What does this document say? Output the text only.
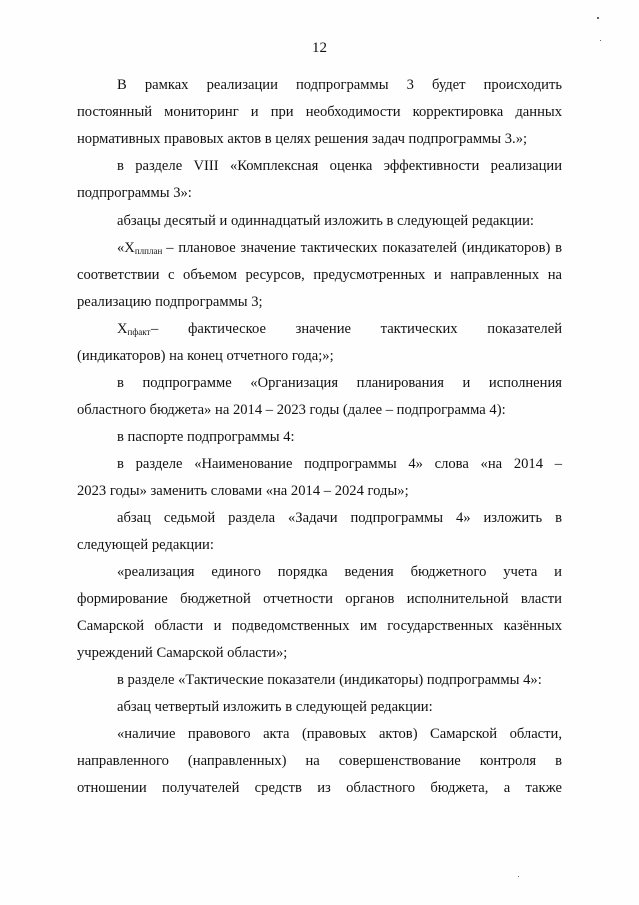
12
В рамках реализации подпрограммы 3 будет происходить
постоянный мониторинг и при необходимости корректировка данных
нормативных правовых актов в целях решения задач подпрограммы 3.»;
в разделе VIII «Комплексная оценка эффективности реализации
подпрограммы 3»:
абзацы десятый и одиннадцатый изложить в следующей редакции:
«$Х_{плплан}$ – плановое значение тактических показателей (индикаторов) в
соответствии с объемом ресурсов, предусмотренных и направленных на
реализацию подпрограммы 3;
$Х_{пфакт}$ – фактическое значение тактических показателей
(индикаторов) на конец отчетного года;»;
в подпрограмме «Организация планирования и исполнения
областного бюджета» на 2014 – 2023 годы (далее – подпрограмма 4):
в паспорте подпрограммы 4:
в разделе «Наименование подпрограммы 4» слова «на 2014 –
2023 годы» заменить словами «на 2014 – 2024 годы»;
абзац седьмой раздела «Задачи подпрограммы 4» изложить в
следующей редакции:
«реализация единого порядка ведения бюджетного учета и
формирование бюджетной отчетности органов исполнительной власти
Самарской области и подведомственных им государственных казённых
учреждений Самарской области»;
в разделе «Тактические показатели (индикаторы) подпрограммы 4»:
абзац четвертый изложить в следующей редакции:
«наличие правового акта (правовых актов) Самарской области,
направленного (направленных) на совершенствование контроля в
отношении получателей средств из областного бюджета, а также
